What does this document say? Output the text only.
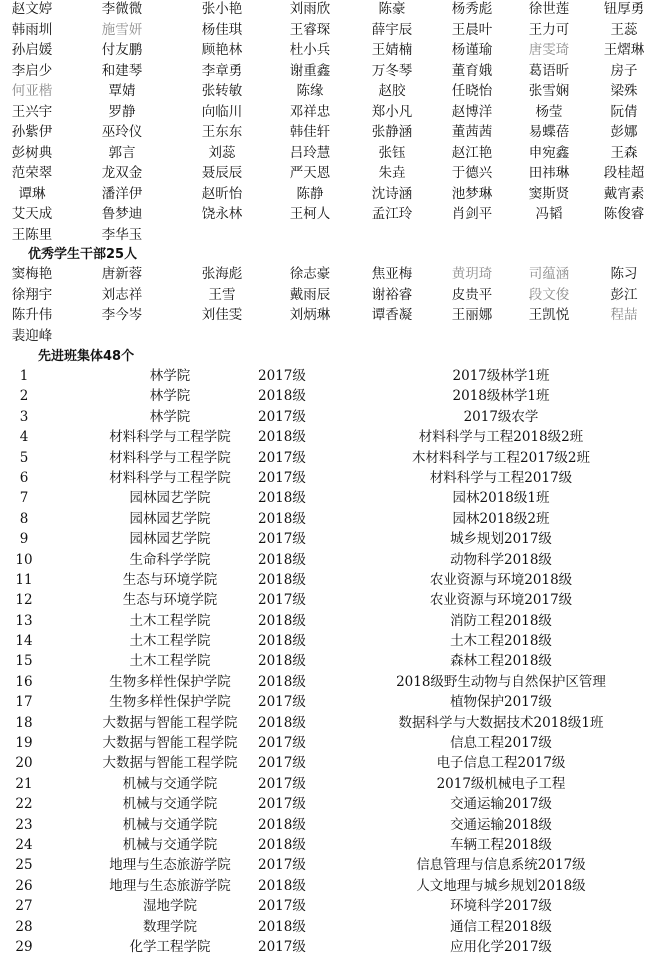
赵文婷	李微微	张小艳	刘雨欣	陈豪	杨秀彪	徐世莲	钮厚勇
韩雨圳	施雪妍	杨佳琪	王睿琛	薛宇辰	王晨叶	王力可	王蕊
孙启媛	付友鹏	顾艳林	杜小兵	王婧楠	杨谨瑜	唐雯琦	王熠琳
李启少	和建琴	李章勇	谢重鑫	万冬琴	董育娥	葛语昕	房子
何亚楷	覃婧	张转敏	陈缘	赵胶	任晓怡	张雪娴	梁殊
王兴宇	罗静	向临川	邓祥忠	郑小凡	赵博洋	杨莹	阮倩
孙紫伊	巫玲仪	王东东	韩佳轩	张静涵	董茜茜	易蝶蓓	彭娜
彭树典	郭言	刘蕊	吕玲慧	张钰	赵江艳	申宛鑫	王森
范荣翠	龙双金	聂辰辰	严天恩	朱垚	于德兴	田祎琳	段桂超
谭琳	潘洋伊	赵昕怡	陈静	沈诗涵	池梦琳	窦斯贤	戴宵素
艾天成	鲁梦迪	饶永林	王柯人	孟江玲	肖剑平	冯韬	陈俊睿
王陈里	李华玉
优秀学生干部25人
窦梅艳	唐新蓉	张海彪	徐志豪	焦亚梅	黄玥琦	司蕴涵	陈习
徐翔宇	刘志祥	王雪	戴雨辰	谢裕睿	皮贵平	段文俊	彭江
陈升伟	李今岑	刘佳雯	刘炳琳	谭香凝	王丽娜	王凯悦	程喆
裴迎峰
先进班集体48个
1	林学院	2017级	2017级林学1班
2	林学院	2018级	2018级林学1班
3	林学院	2017级	2017级农学
4	材料科学与工程学院	2018级	材料科学与工程2018级2班
5	材料科学与工程学院	2017级	木材料科学与工程2017级2班
6	材料科学与工程学院	2017级	材料科学与工程2017级
7	园林园艺学院	2018级	园林2018级1班
8	园林园艺学院	2018级	园林2018级2班
9	园林园艺学院	2017级	城乡规划2017级
10	生命科学学院	2018级	动物科学2018级
11	生态与环境学院	2018级	农业资源与环境2018级
12	生态与环境学院	2017级	农业资源与环境2017级
13	土木工程学院	2018级	消防工程2018级
14	土木工程学院	2018级	土木工程2018级
15	土木工程学院	2018级	森林工程2018级
16	生物多样性保护学院	2018级	2018级野生动物与自然保护区管理
17	生物多样性保护学院	2017级	植物保护2017级
18	大数据与智能工程学院	2018级	数据科学与大数据技术2018级1班
19	大数据与智能工程学院	2017级	信息工程2017级
20	大数据与智能工程学院	2017级	电子信息工程2017级
21	机械与交通学院	2017级	2017级机械电子工程
22	机械与交通学院	2017级	交通运输2017级
23	机械与交通学院	2018级	交通运输2018级
24	机械与交通学院	2018级	车辆工程2018级
25	地理与生态旅游学院	2017级	信息管理与信息系统2017级
26	地理与生态旅游学院	2018级	人文地理与城乡规划2018级
27	湿地学院	2017级	环境科学2017级
28	数理学院	2018级	通信工程2018级
29	化学工程学院	2017级	应用化学2017级
